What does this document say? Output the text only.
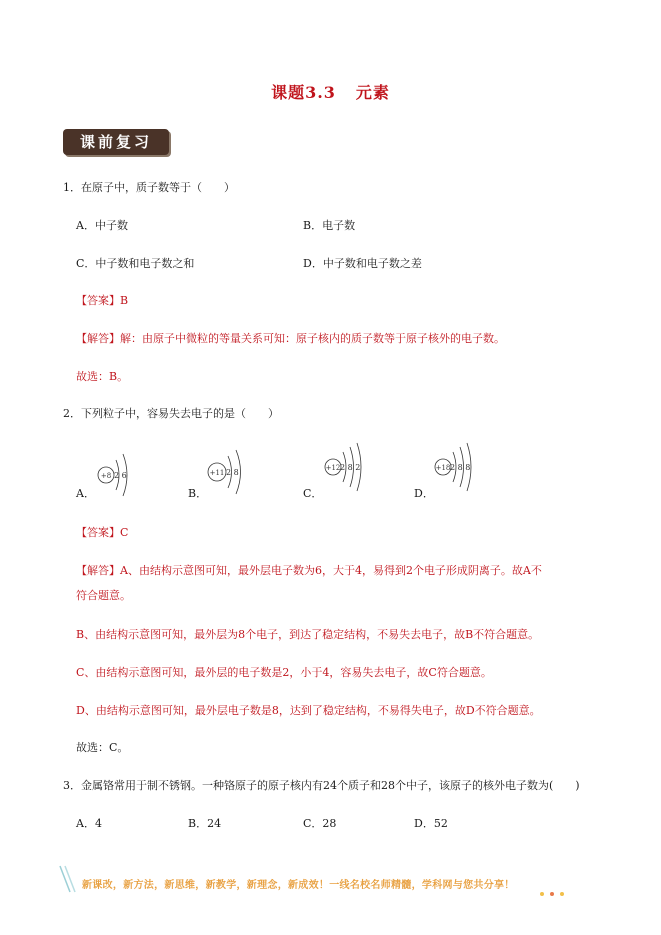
课题3.3 元素
课前复习
1．在原子中，质子数等于（　　）
A．中子数	B．电子数
C．中子数和电子数之和	D．中子数和电子数之差
【答案】B
【解答】解：由原子中微粒的等量关系可知：原子核内的质子数等于原子核外的电子数。
故选：B。
2．下列粒子中，容易失去电子的是（　　）
A．
+8 2 6
B．
+11 2 8
C．
+12 2 8 2
D．
+18 2 8 8
【答案】C
【解答】A、由结构示意图可知，最外层电子数为6，大于4，易得到2个电子形成阴离子。故A不
符合题意。
B、由结构示意图可知，最外层为8个电子，到达了稳定结构，不易失去电子，故B不符合题意。
C、由结构示意图可知，最外层的电子数是2，小于4，容易失去电子，故C符合题意。
D、由结构示意图可知，最外层电子数是8，达到了稳定结构，不易得失电子，故D不符合题意。
故选：C。
3．金属铬常用于制不锈钢。一种铬原子的原子核内有24个质子和28个中子，该原子的核外电子数为(　　)
A．4	B．24	C．28	D．52
新课改，新方法，新思维，新教学，新理念，新成效！一线名校名师精髓，学科网与您共分享！
